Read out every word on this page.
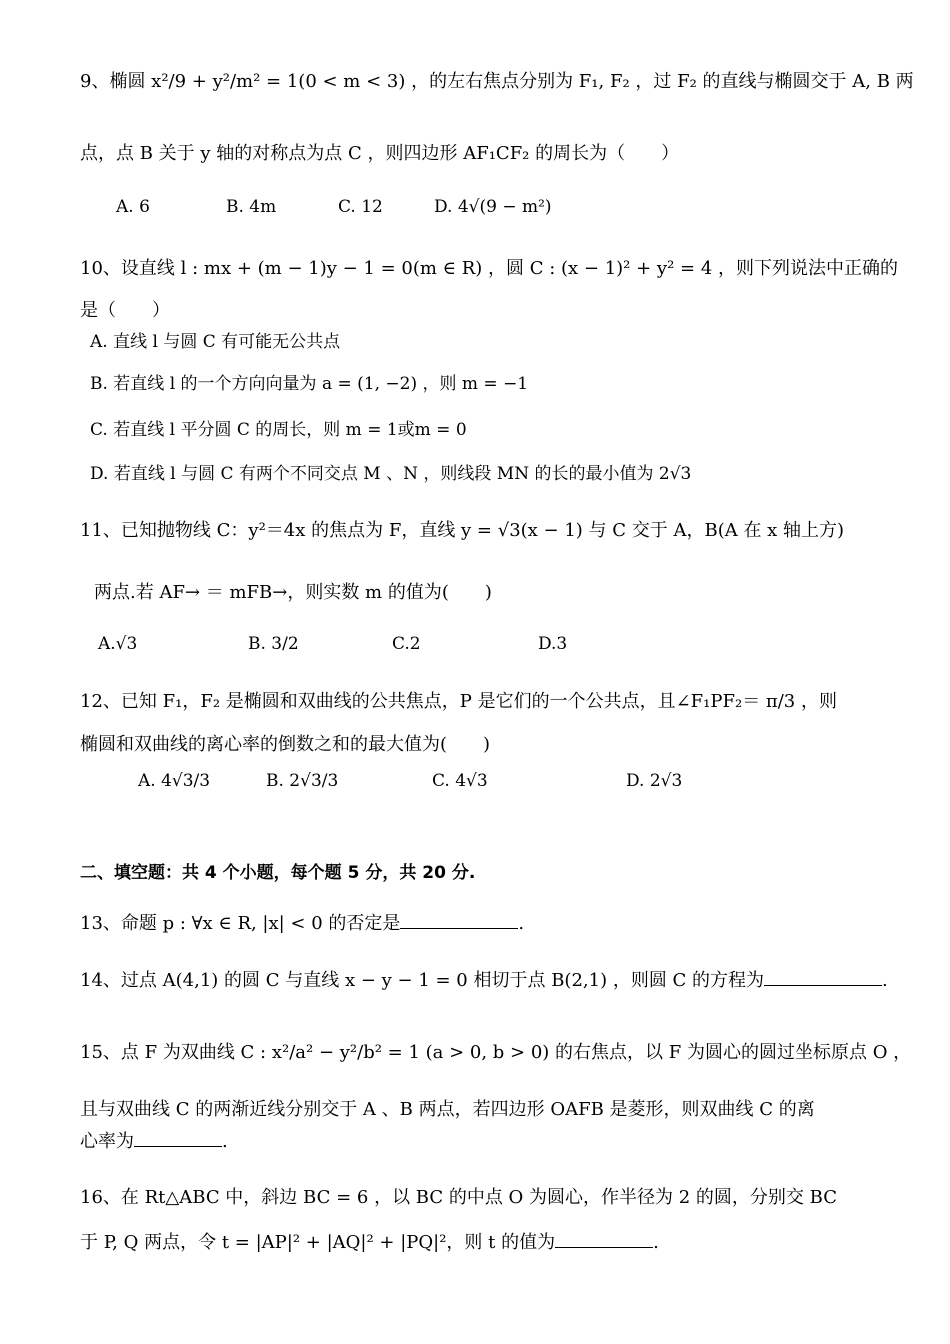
9、椭圆 x²/9 + y²/m² = 1(0 < m < 3) ，的左右焦点分别为 F₁, F₂ ，过 F₂ 的直线与椭圆交于 A, B 两
点，点 B 关于 y 轴的对称点为点 C ，则四边形 AF₁CF₂ 的周长为（　　）
A. 6	B. 4m	C. 12	D. 4√(9 − m²)
10、设直线 l : mx + (m − 1)y − 1 = 0(m ∈ R) ，圆 C : (x − 1)² + y² = 4 ，则下列说法中正确的
是（　　）
A. 直线 l 与圆 C 有可能无公共点
B. 若直线 l 的一个方向向量为 a = (1, −2) ，则 m = −1
C. 若直线 l 平分圆 C 的周长，则 m = 1或m = 0
D. 若直线 l 与圆 C 有两个不同交点 M 、N ，则线段 MN 的长的最小值为 2√3
11、已知抛物线 C：y²＝4x 的焦点为 F，直线 y = √3(x − 1) 与 C 交于 A，B(A 在 x 轴上方)
两点.若 AF→ ＝ mFB→，则实数 m 的值为(　　)
A.√3	B. 3/2	C.2	D.3
12、已知 F₁，F₂ 是椭圆和双曲线的公共焦点，P 是它们的一个公共点，且∠F₁PF₂＝ π/3 ，则
椭圆和双曲线的离心率的倒数之和的最大值为(　　)
A. 4√3/3	B. 2√3/3	C. 4√3	D. 2√3
二、填空题：共 4 个小题，每个题 5 分，共 20 分.
13、命题 p : ∀x ∈ R, |x| < 0 的否定是	.
14、过点 A(4,1) 的圆 C 与直线 x − y − 1 = 0 相切于点 B(2,1) ，则圆 C 的方程为	.
15、点 F 为双曲线 C : x²/a² − y²/b² = 1 (a > 0, b > 0) 的右焦点，以 F 为圆心的圆过坐标原点 O ，
且与双曲线 C 的两渐近线分别交于 A 、B 两点，若四边形 OAFB 是菱形，则双曲线 C 的离
心率为	.
16、在 Rt△ABC 中，斜边 BC = 6 ，以 BC 的中点 O 为圆心，作半径为 2 的圆，分别交 BC
于 P, Q 两点，令 t = |AP|² + |AQ|² + |PQ|²，则 t 的值为	.
